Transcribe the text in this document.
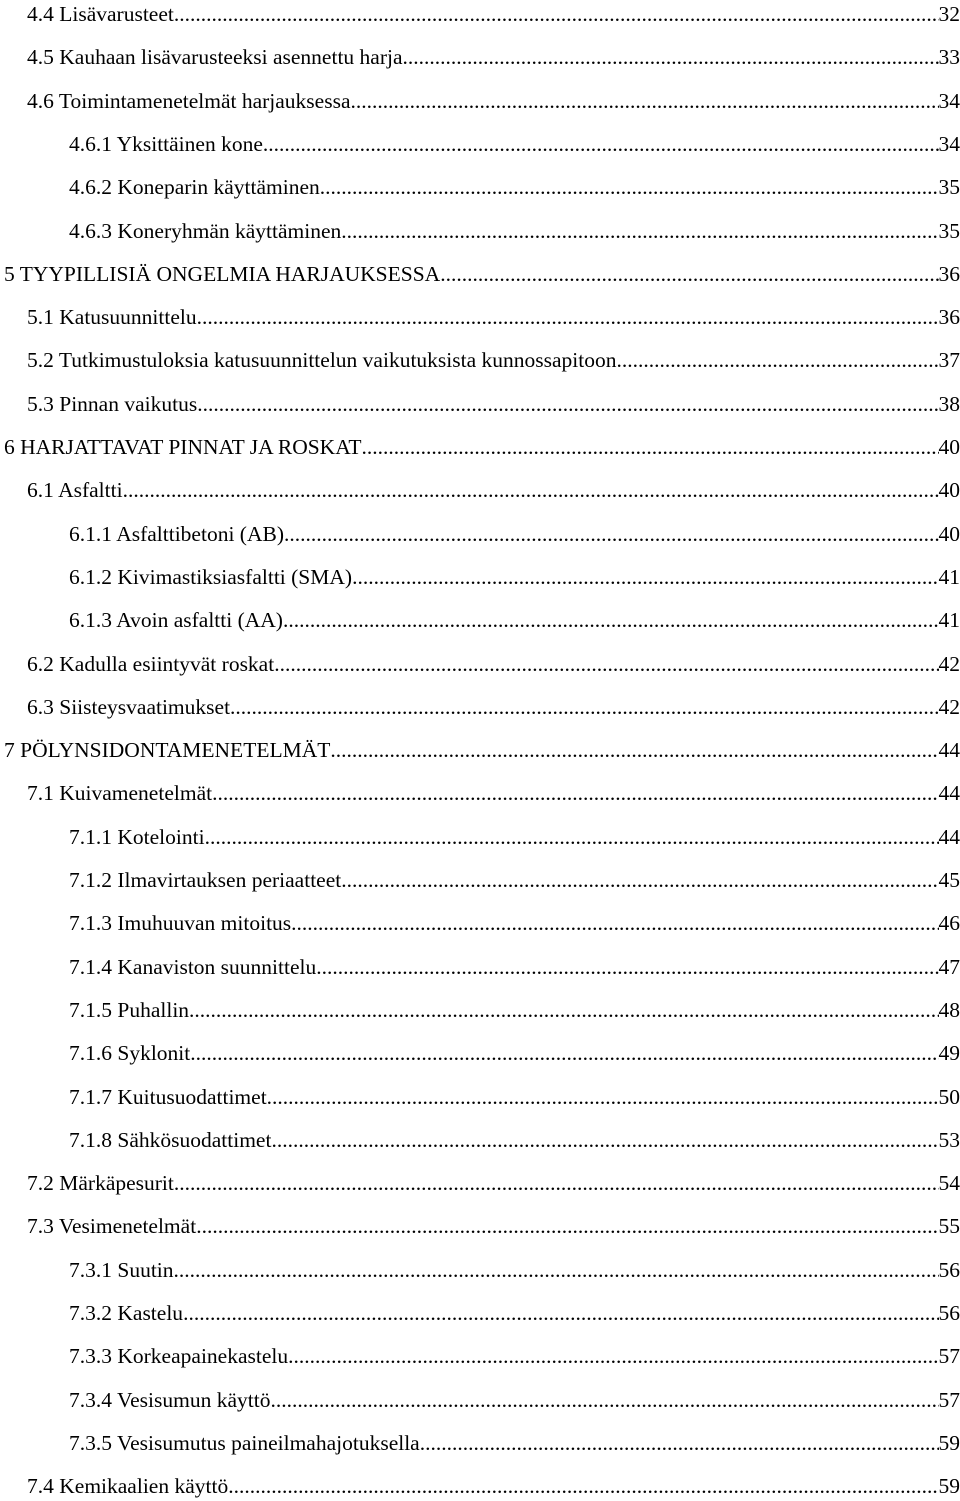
4.4 Lisävarusteet .....	32
4.5 Kauhaan lisävarusteeksi asennettu harja .....	33
4.6 Toimintamenetelmät harjauksessa .....	34
4.6.1 Yksittäinen kone .....	34
4.6.2 Koneparin käyttäminen .....	35
4.6.3 Koneryhmän käyttäminen .....	35
5 TYYPILLISIÄ ONGELMIA HARJAUKSESSA .....	36
5.1 Katusuunnittelu .....	36
5.2 Tutkimustuloksia katusuunnittelun vaikutuksista kunnossapitoon .....	37
5.3 Pinnan vaikutus .....	38
6 HARJATTAVAT PINNAT JA ROSKAT .....	40
6.1 Asfaltti .....	40
6.1.1 Asfalttibetoni (AB) .....	40
6.1.2 Kivimastiksiasfaltti (SMA) .....	41
6.1.3 Avoin asfaltti (AA) .....	41
6.2 Kadulla esiintyvät roskat .....	42
6.3 Siisteysvaatimukset .....	42
7 PÖLYNSIDONTAMENETELMÄT .....	44
7.1 Kuivamenetelmät .....	44
7.1.1 Kotelointi .....	44
7.1.2 Ilmavirtauksen periaatteet .....	45
7.1.3 Imuhuuvan mitoitus .....	46
7.1.4 Kanaviston suunnittelu .....	47
7.1.5 Puhallin .....	48
7.1.6 Syklonit .....	49
7.1.7 Kuitusuodattimet .....	50
7.1.8 Sähkösuodattimet .....	53
7.2 Märkäpesurit .....	54
7.3 Vesimenetelmät .....	55
7.3.1 Suutin .....	56
7.3.2 Kastelu .....	56
7.3.3 Korkeapainekastelu .....	57
7.3.4 Vesisumun käyttö .....	57
7.3.5 Vesisumutus paineilmahajotuksella .....	59
7.4 Kemikaalien käyttö .....	59
